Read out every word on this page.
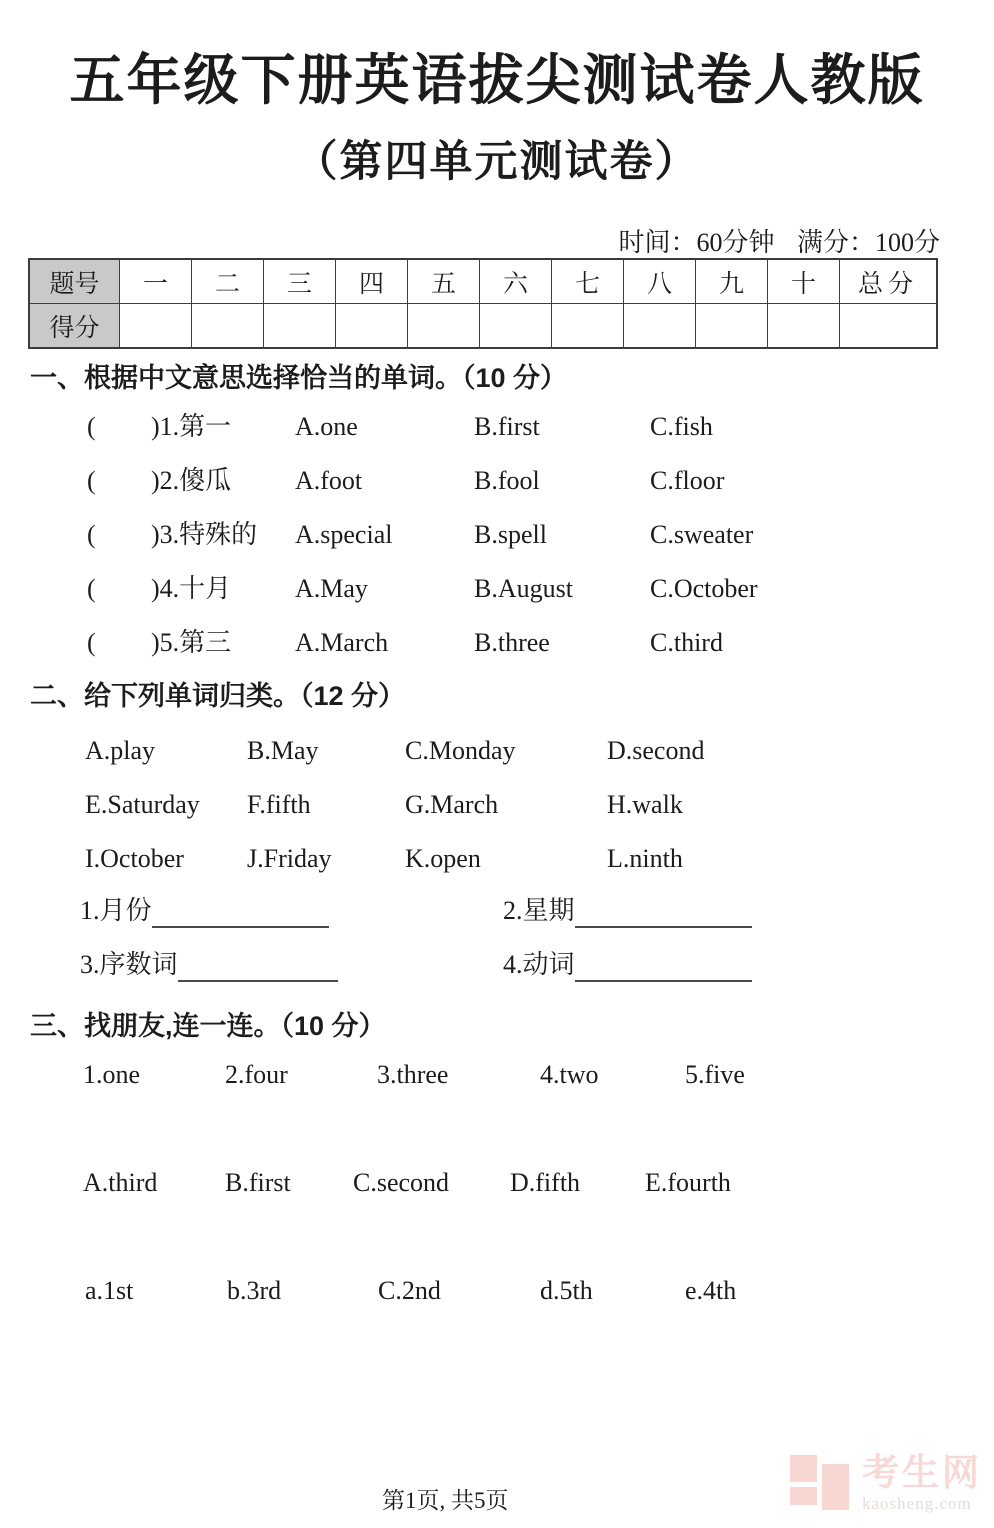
五年级下册英语拔尖测试卷人教版
（第四单元测试卷）
时间：60分钟 满分：100分
题号	一	二	三	四	五	六	七	八	九	十	总分
得分											
一、根据中文意思选择恰当的单词。（10 分）
( )1.第一 A.one	B.first	C.fish
( )2.傻瓜 A.foot	B.fool	C.floor
( )3.特殊的 A.special	B.spell	C.sweater
( )4.十月 A.May	B.August	C.October
( )5.第三 A.March	B.three	C.third
二、给下列单词归类。（12 分）
A.play	B.May	C.Monday	D.second
E.Saturday F.fifth	G.March	H.walk
I.October J.Friday	K.open	L.ninth
1.月份	2.星期
3.序数词	4.动词
三、找朋友,连一连。（10 分）
1.one	2.four	3.three	4.two	5.five
A.third	B.first C.second D.fifth E.fourth
a.1st	b.3rd	C.2nd	d.5th	e.4th
第1页, 共5页
考生网
kaosheng.com
